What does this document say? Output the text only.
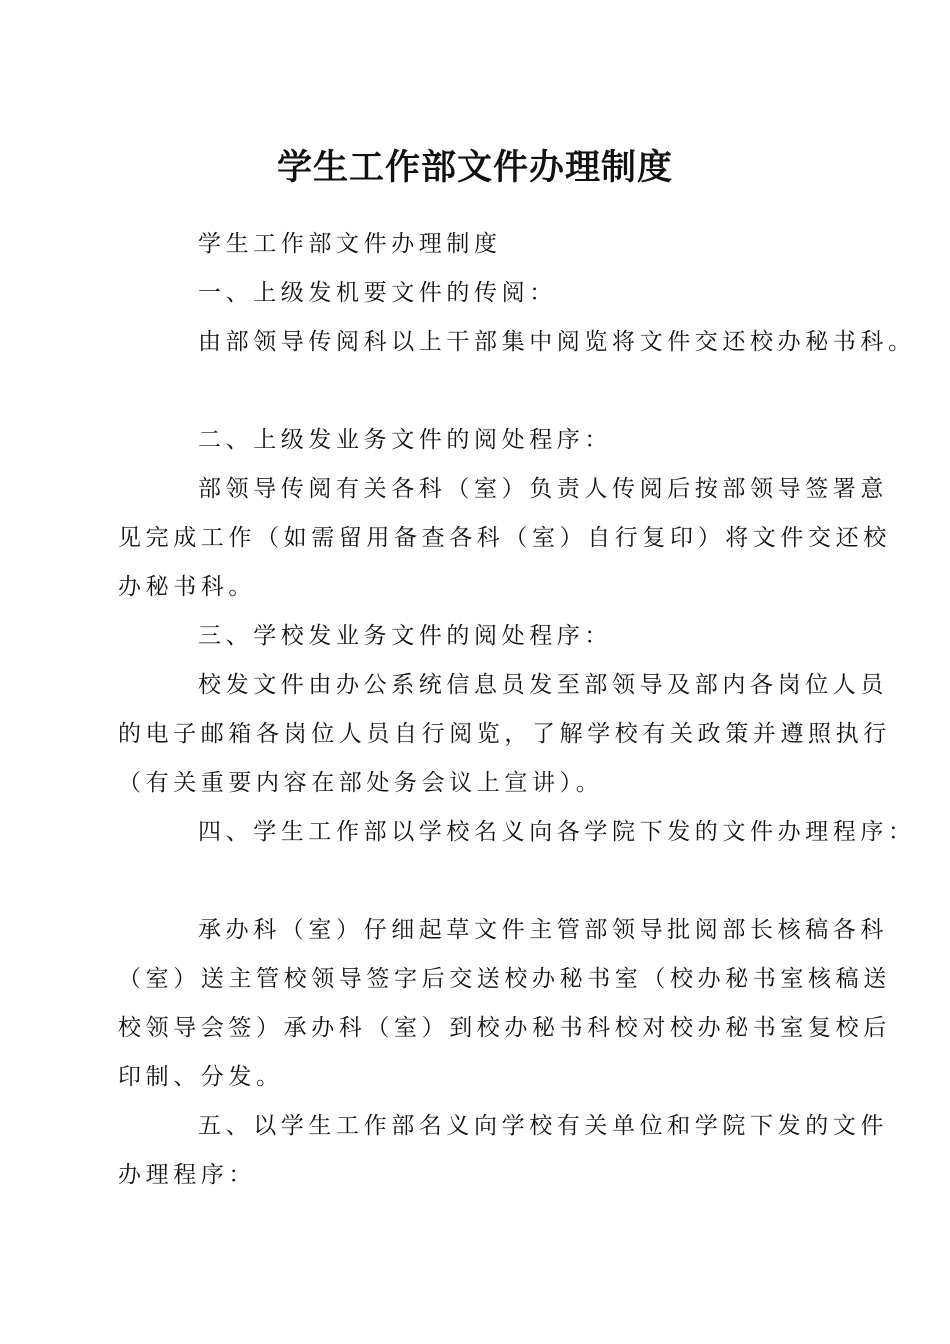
学生工作部文件办理制度

学生工作部文件办理制度

一、上级发机要文件的传阅：

由部领导传阅科以上干部集中阅览将文件交还校办秘书科。

二、上级发业务文件的阅处程序：

部领导传阅有关各科（室）负责人传阅后按部领导签署意

见完成工作（如需留用备查各科（室）自行复印）将文件交还校

办秘书科。

三、学校发业务文件的阅处程序：

校发文件由办公系统信息员发至部领导及部内各岗位人员

的电子邮箱各岗位人员自行阅览，了解学校有关政策并遵照执行

（有关重要内容在部处务会议上宣讲）。

四、学生工作部以学校名义向各学院下发的文件办理程序：

承办科（室）仔细起草文件主管部领导批阅部长核稿各科

（室）送主管校领导签字后交送校办秘书室（校办秘书室核稿送

校领导会签）承办科（室）到校办秘书科校对校办秘书室复校后

印制、分发。

五、以学生工作部名义向学校有关单位和学院下发的文件

办理程序：
